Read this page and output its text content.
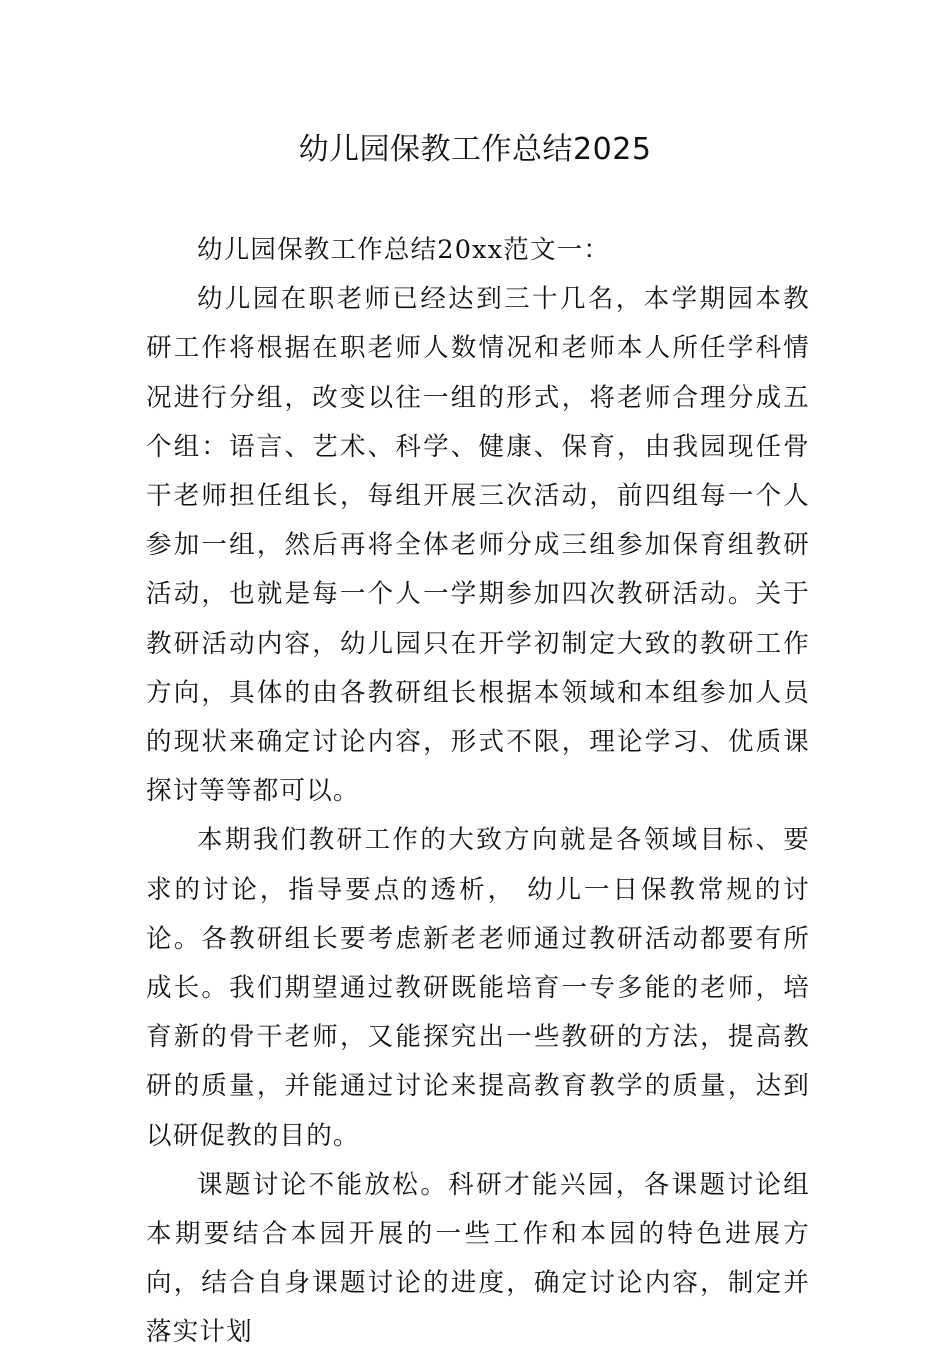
幼儿园保教工作总结2025

幼儿园保教工作总结20xx范文一：

幼儿园在职老师已经达到三十几名，本学期园本教研工作将根据在职老师人数情况和老师本人所任学科情况进行分组，改变以往一组的形式，将老师合理分成五个组：语言、艺术、科学、健康、保育，由我园现任骨干老师担任组长，每组开展三次活动，前四组每一个人参加一组，然后再将全体老师分成三组参加保育组教研活动，也就是每一个人一学期参加四次教研活动。关于教研活动内容，幼儿园只在开学初制定大致的教研工作方向，具体的由各教研组长根据本领域和本组参加人员的现状来确定讨论内容，形式不限，理论学习、优质课探讨等等都可以。

本期我们教研工作的大致方向就是各领域目标、要求的讨论，指导要点的透析， 幼儿一日保教常规的讨论。各教研组长要考虑新老老师通过教研活动都要有所成长。我们期望通过教研既能培育一专多能的老师，培育新的骨干老师，又能探究出一些教研的方法，提高教研的质量，并能通过讨论来提高教育教学的质量，达到以研促教的目的。

课题讨论不能放松。科研才能兴园，各课题讨论组本期要结合本园开展的一些工作和本园的特色进展方向，结合自身课题讨论的进度，确定讨论内容，制定并落实计划
